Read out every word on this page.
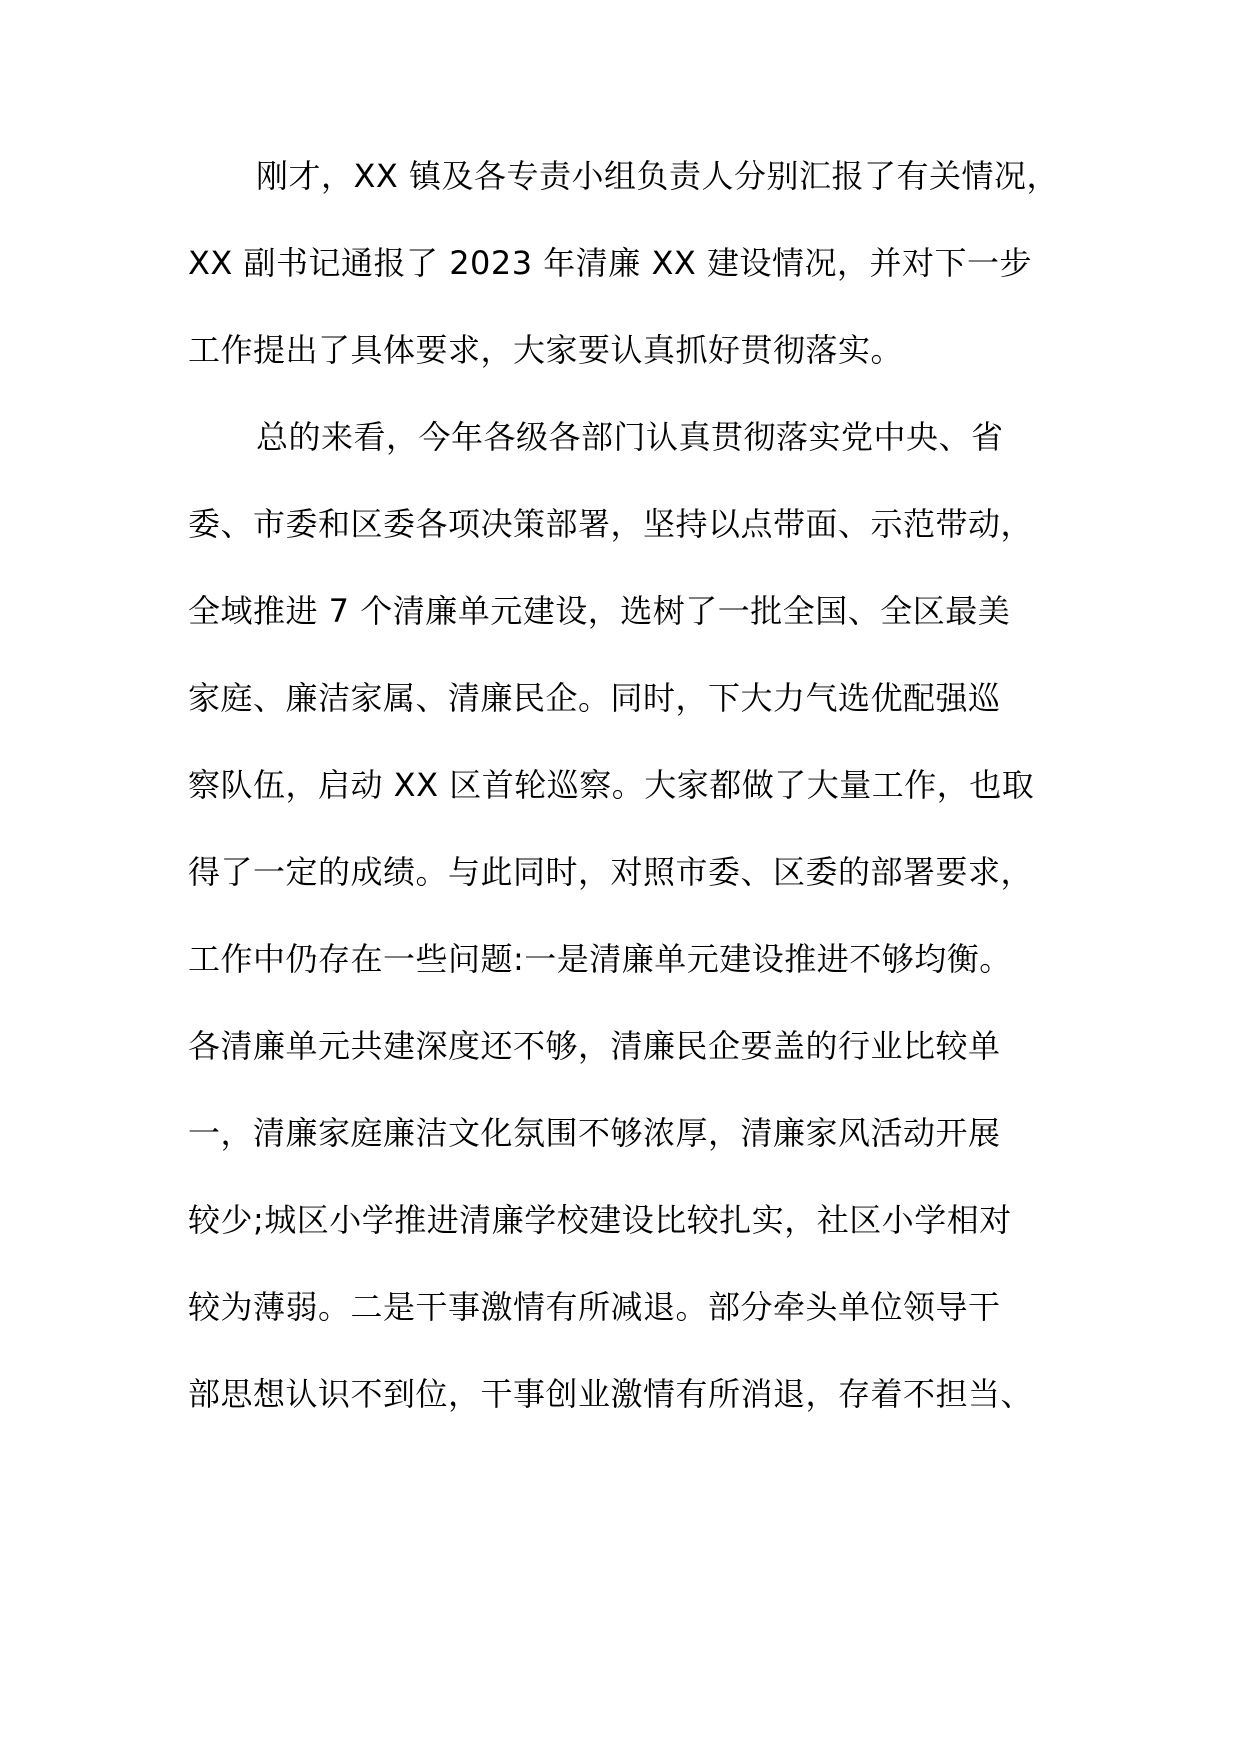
刚才，XX 镇及各专责小组负责人分别汇报了有关情况，
XX 副书记通报了 2023 年清廉 XX 建设情况，并对下一步
工作提出了具体要求，大家要认真抓好贯彻落实。
总的来看，今年各级各部门认真贯彻落实党中央、省
委、市委和区委各项决策部署，坚持以点带面、示范带动，
全域推进 7 个清廉单元建设，选树了一批全国、全区最美
家庭、廉洁家属、清廉民企。同时，下大力气选优配强巡
察队伍，启动 XX 区首轮巡察。大家都做了大量工作，也取
得了一定的成绩。与此同时，对照市委、区委的部署要求，
工作中仍存在一些问题:一是清廉单元建设推进不够均衡。
各清廉单元共建深度还不够，清廉民企要盖的行业比较单
一，清廉家庭廉洁文化氛围不够浓厚，清廉家风活动开展
较少;城区小学推进清廉学校建设比较扎实，社区小学相对
较为薄弱。二是干事激情有所减退。部分牵头单位领导干
部思想认识不到位，干事创业激情有所消退，存着不担当、
